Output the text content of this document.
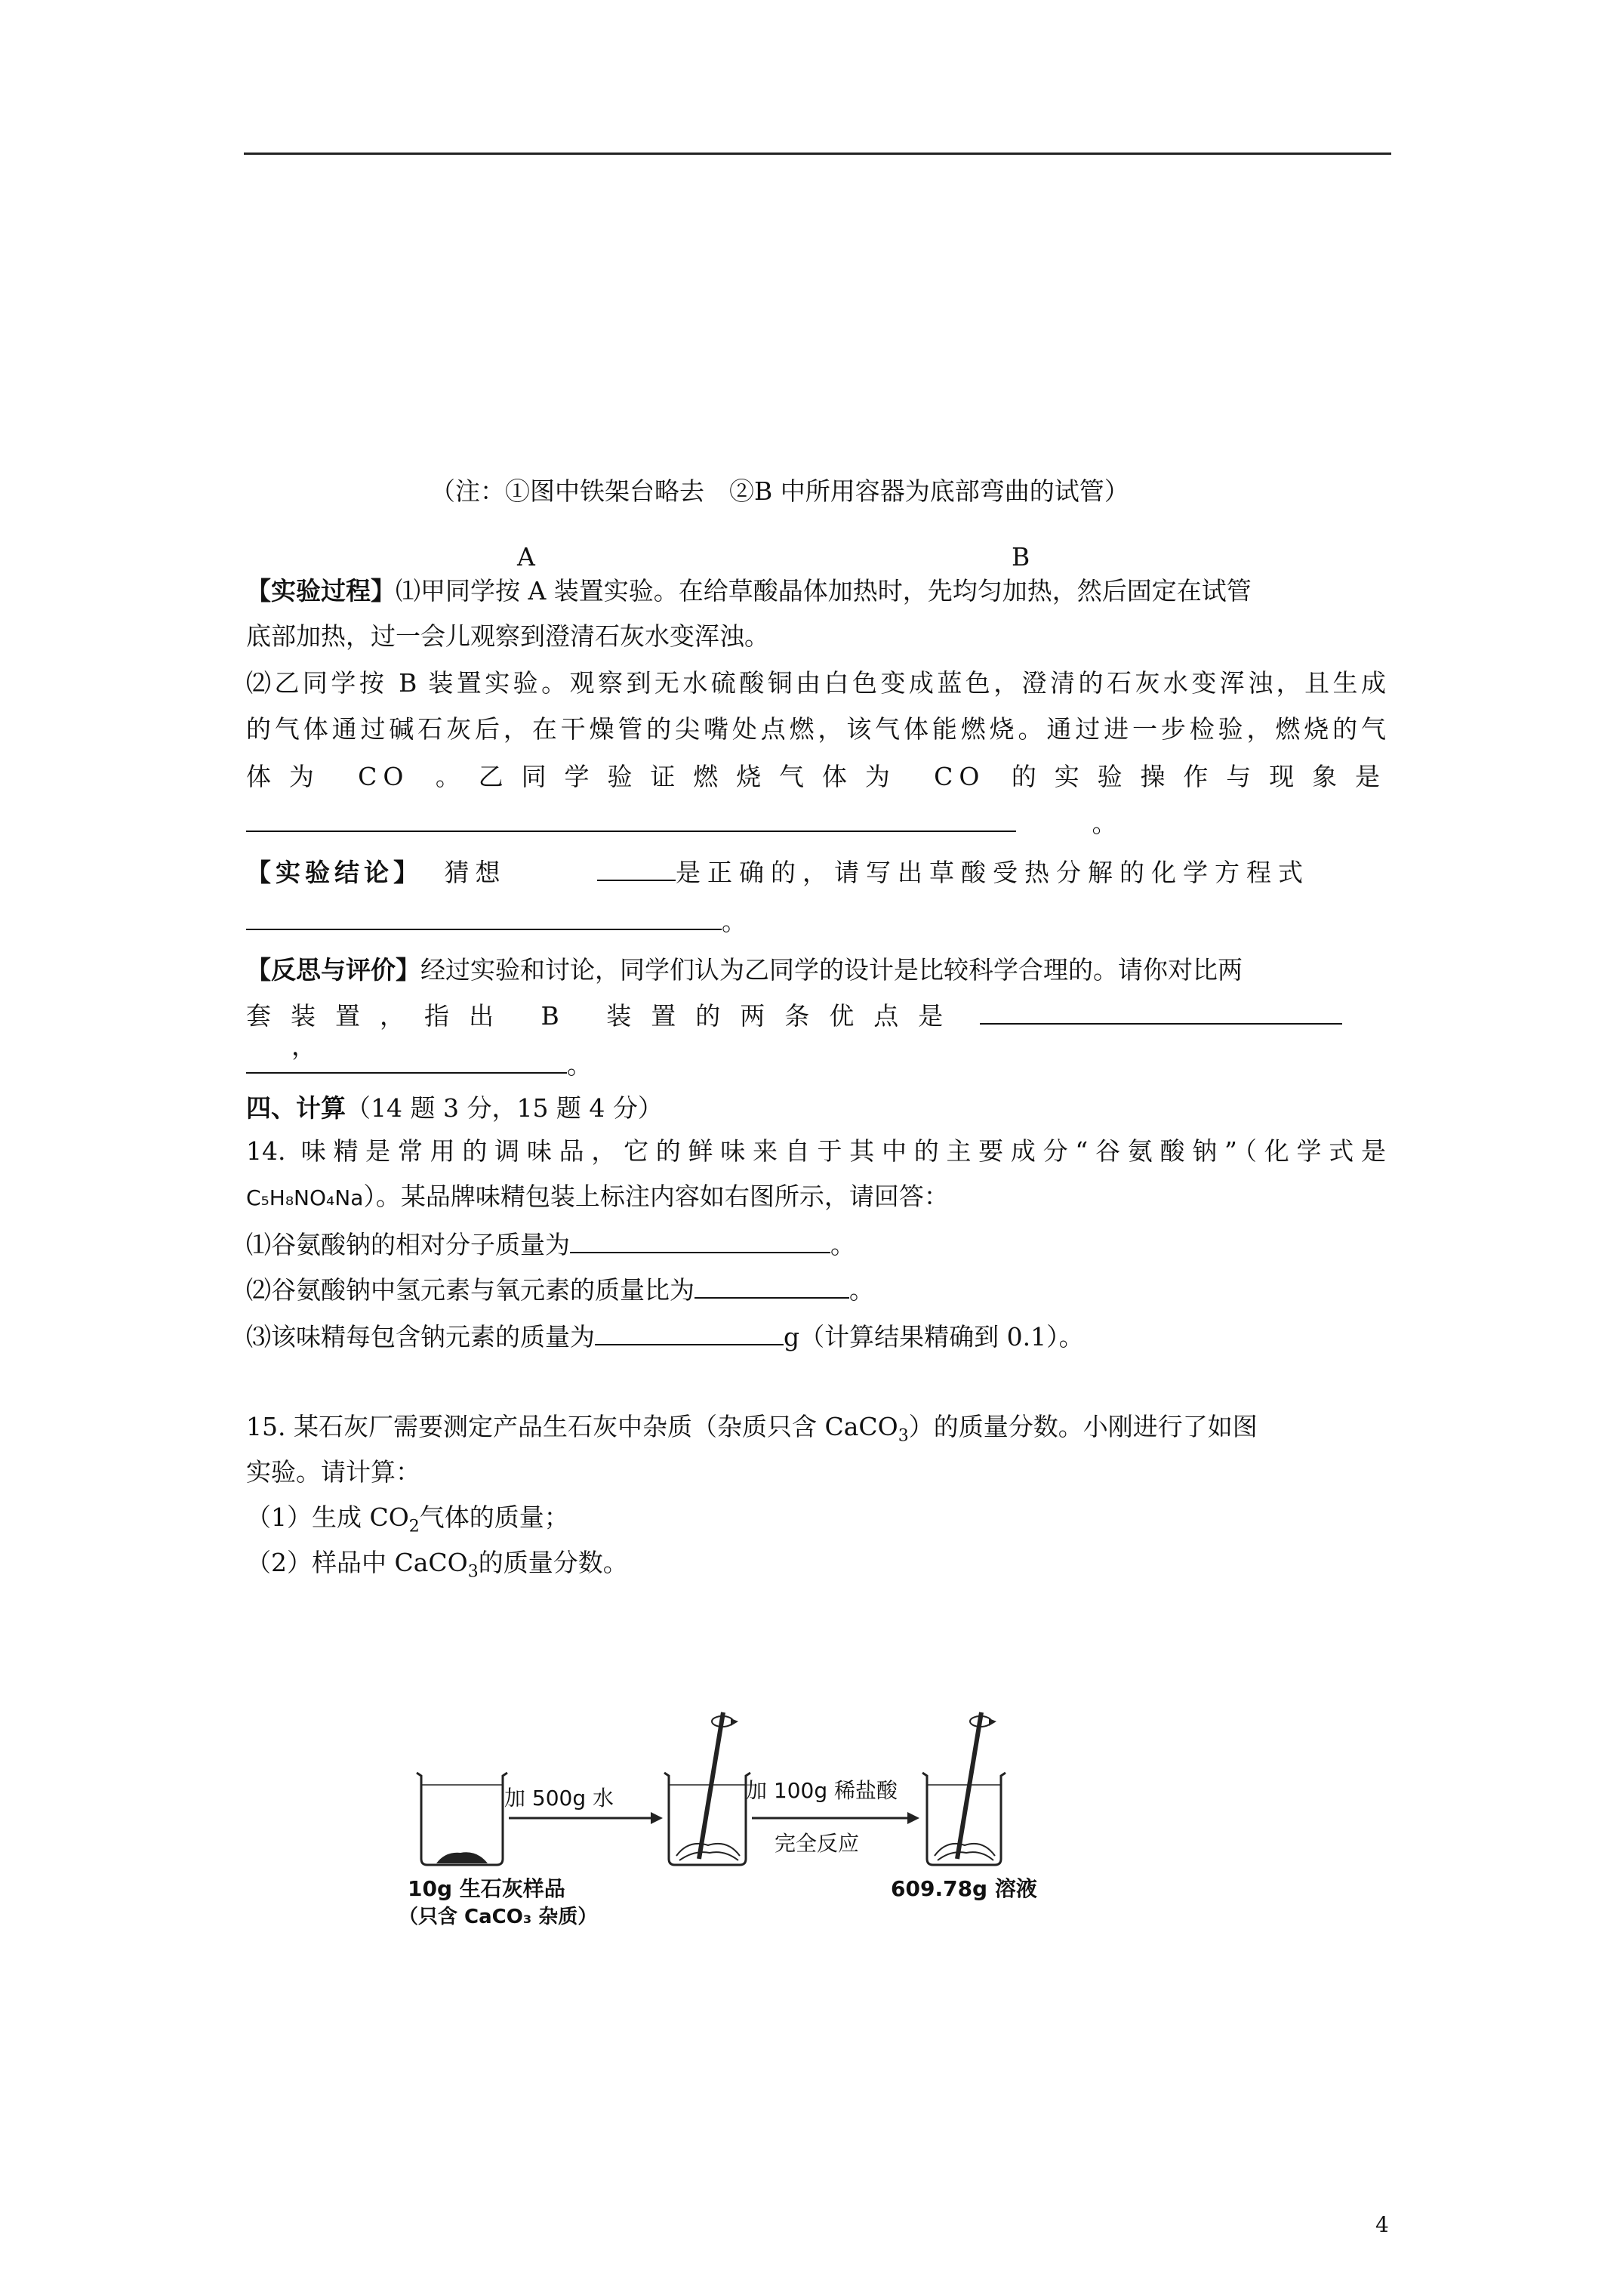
（注：①图中铁架台略去　②B 中所用容器为底部弯曲的试管）
A	B
【实验过程】⑴甲同学按 A 装置实验。在给草酸晶体加热时，先均匀加热，然后固定在试管
底部加热，过一会儿观察到澄清石灰水变浑浊。
⑵乙同学按 B 装置实验。观察到无水硫酸铜由白色变成蓝色，澄清的石灰水变浑浊，且生成
的气体通过碱石灰后，在干燥管的尖嘴处点燃，该气体能燃烧。通过进一步检验，燃烧的气
体为 CO 。乙同学验证燃烧气体为 CO 的实验操作与现象是
。
【实验结论】 猜想	是正确的，请写出草酸受热分解的化学方程式
。
【反思与评价】经过实验和讨论，同学们认为乙同学的设计是比较科学合理的。请你对比两
套装置，指出 B 装置的两条优点是  ，
。
四、计算（14 题 3 分，15 题 4 分）
14. 味精是常用的调味品，它的鲜味来自于其中的主要成分“谷氨酸钠”（化学式是
C₅H₈NO₄Na）。某品牌味精包装上标注内容如右图所示，请回答：
⑴谷氨酸钠的相对分子质量为	。
⑵谷氨酸钠中氢元素与氧元素的质量比为	。
⑶该味精每包含钠元素的质量为	g（计算结果精确到 0.1）。
15. 某石灰厂需要测定产品生石灰中杂质（杂质只含 CaCO$_3$）的质量分数。小刚进行了如图
实验。请计算：
（1）生成 $CO_2$气体的质量；
（2）样品中 CaCO$_3$的质量分数。
加 500g 水	加 100g 稀盐酸
完全反应
10g 生石灰样品
（只含 CaCO₃ 杂质）
609.78g 溶液
4
